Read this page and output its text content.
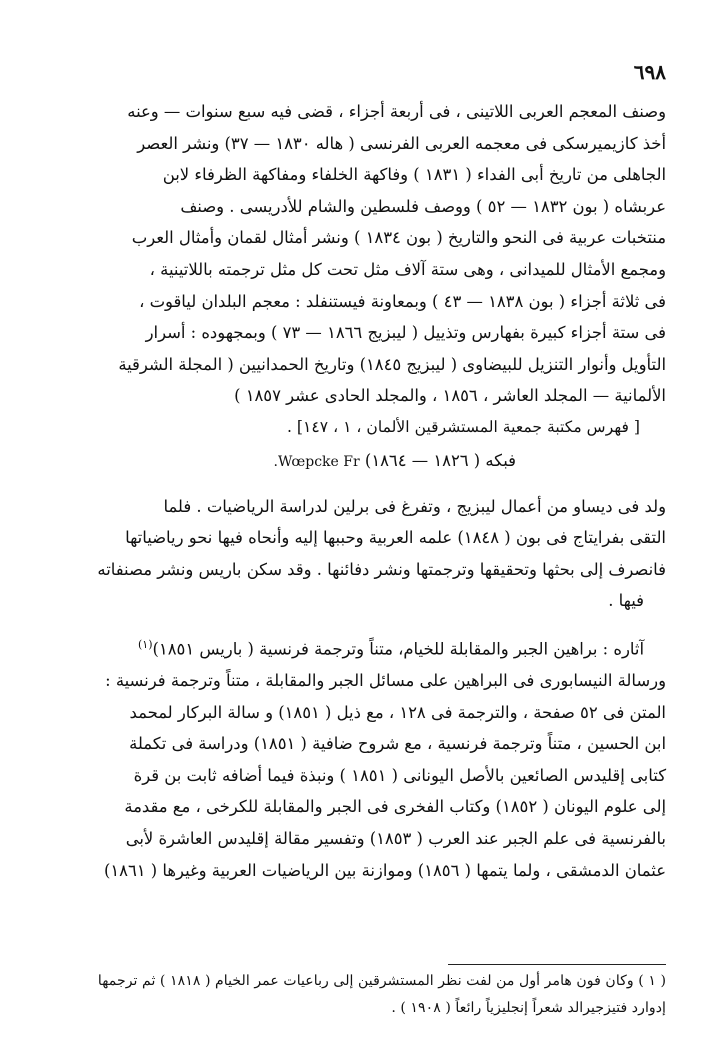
٦٩٨
وصنف المعجم العربى اللاتينى ، فى أربعة أجزاء ، قضى فيه سبع سنوات — وعنه
أخذ كازيميرسكى فى معجمه العربى الفرنسى ( هاله ١٨٣٠ — ٣٧) ونشر العصر
الجاهلى من تاريخ أبى الفداء ( ١٨٣١ ) وفاكهة الخلفاء ومفاكهة الظرفاء لابن
عربشاه ( بون ١٨٣٢ — ٥٢ ) ووصف فلسطين والشام للأدريسى . وصنف
منتخبات عربية فى النحو والتاريخ ( بون ١٨٣٤ ) ونشر أمثال لقمان وأمثال العرب
ومجمع الأمثال للميدانى ، وهى ستة آلاف مثل تحت كل مثل ترجمته باللاتينية ،
فى ثلاثة أجزاء ( بون ١٨٣٨ — ٤٣ ) وبمعاونة فيستنفلد : معجم البلدان لياقوت ،
فى ستة أجزاء كبيرة بفهارس وتذييل ( ليبزيج ١٨٦٦ — ٧٣ ) وبمجهوده : أسرار
التأويل وأنوار التنزيل للبيضاوى ( ليبزيج ١٨٤٥) وتاريخ الحمدانيين ( المجلة الشرقية
الألمانية — المجلد العاشر ، ١٨٥٦ ، والمجلد الحادى عشر ١٨٥٧ )
[ فهرس مكتبة جمعية المستشرقين الألمان ، ١ ، ١٤٧] .
فبكه ( ١٨٢٦ — ١٨٦٤) Wœpcke Fr.
ولد فى ديساو من أعمال ليبزيج ، وتفرغ فى برلين لدراسة الرياضيات . فلما
التقى بفرايتاج فى بون ( ١٨٤٨) علمه العربية وحببها إليه وأنحاه فيها نحو رياضياتها
فانصرف إلى بحثها وتحقيقها وترجمتها ونشر دفائنها . وقد سكن باريس ونشر مصنفاته
فيها .
آثاره : براهين الجبر والمقابلة للخيام، متناً وترجمة فرنسية ( باريس ١٨٥١)$^{(١)}$
ورسالة النيسابورى فى البراهين على مسائل الجبر والمقابلة ، متناً وترجمة فرنسية :
المتن فى ٥٢ صفحة ، والترجمة فى ١٢٨ ، مع ذيل ( ١٨٥١) و سالة البركار لمحمد
ابن الحسين ، متناً وترجمة فرنسية ، مع شروح ضافية ( ١٨٥١) ودراسة فى تكملة
كتابى إقليدس الصائعين بالأصل اليونانى ( ١٨٥١ ) ونبذة فيما أضافه ثابت بن قرة
إلى علوم اليونان ( ١٨٥٢) وكتاب الفخرى فى الجبر والمقابلة للكرخى ، مع مقدمة
بالفرنسية فى علم الجبر عند العرب ( ١٨٥٣) وتفسير مقالة إقليدس العاشرة لأبى
عثمان الدمشقى ، ولما يتمها ( ١٨٥٦) وموازنة بين الرياضيات العربية وغيرها ( ١٨٦١)
( ١ ) وكان فون هامر أول من لفت نظر المستشرقين إلى رباعيات عمر الخيام ( ١٨١٨ ) ثم ترجمها
إدوارد فتيزجيرالد شعراً إنجليزياً رائعاً ( ١٩٠٨ ) .
